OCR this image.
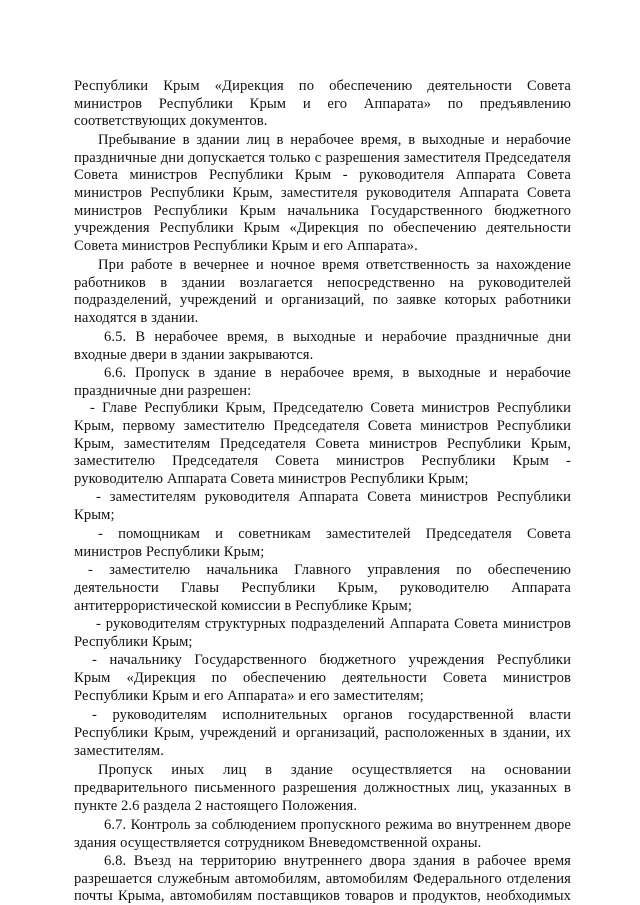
Республики Крым «Дирекция по обеспечению деятельности Совета
министров Республики Крым и его Аппарата» по предъявлению
соответствующих документов.
Пребывание в здании лиц в нерабочее время, в выходные и нерабочие
праздничные дни допускается только с разрешения заместителя Председателя
Совета министров Республики Крым - руководителя Аппарата Совета
министров Республики Крым, заместителя руководителя Аппарата Совета
министров Республики Крым начальника Государственного бюджетного
учреждения Республики Крым «Дирекция по обеспечению деятельности
Совета министров Республики Крым и его Аппарата».
При работе в вечернее и ночное время ответственность за нахождение
работников в здании возлагается непосредственно на руководителей
подразделений, учреждений и организаций, по заявке которых работники
находятся в здании.
6.5. В нерабочее время, в выходные и нерабочие праздничные дни
входные двери в здании закрываются.
6.6. Пропуск в здание в нерабочее время, в выходные и нерабочие
праздничные дни разрешен:
- Главе Республики Крым, Председателю Совета министров Республики
Крым, первому заместителю Председателя Совета министров Республики
Крым, заместителям Председателя Совета министров Республики Крым,
заместителю Председателя Совета министров Республики Крым -
руководителю Аппарата Совета министров Республики Крым;
- заместителям руководителя Аппарата Совета министров Республики
Крым;
- помощникам и советникам заместителей Председателя Совета
министров Республики Крым;
- заместителю начальника Главного управления по обеспечению
деятельности Главы Республики Крым, руководителю Аппарата
антитеррористической комиссии в Республике Крым;
- руководителям структурных подразделений Аппарата Совета министров
Республики Крым;
- начальнику Государственного бюджетного учреждения Республики
Крым «Дирекция по обеспечению деятельности Совета министров
Республики Крым и его Аппарата» и его заместителям;
- руководителям исполнительных органов государственной власти
Республики Крым, учреждений и организаций, расположенных в здании, их
заместителям.
Пропуск иных лиц в здание осуществляется на основании
предварительного письменного разрешения должностных лиц, указанных в
пункте 2.6 раздела 2 настоящего Положения.
6.7. Контроль за соблюдением пропускного режима во внутреннем дворе
здания осуществляется сотрудником Вневедомственной охраны.
6.8. Въезд на территорию внутреннего двора здания в рабочее время
разрешается служебным автомобилям, автомобилям Федерального отделения
почты Крыма, автомобилям поставщиков товаров и продуктов, необходимых
